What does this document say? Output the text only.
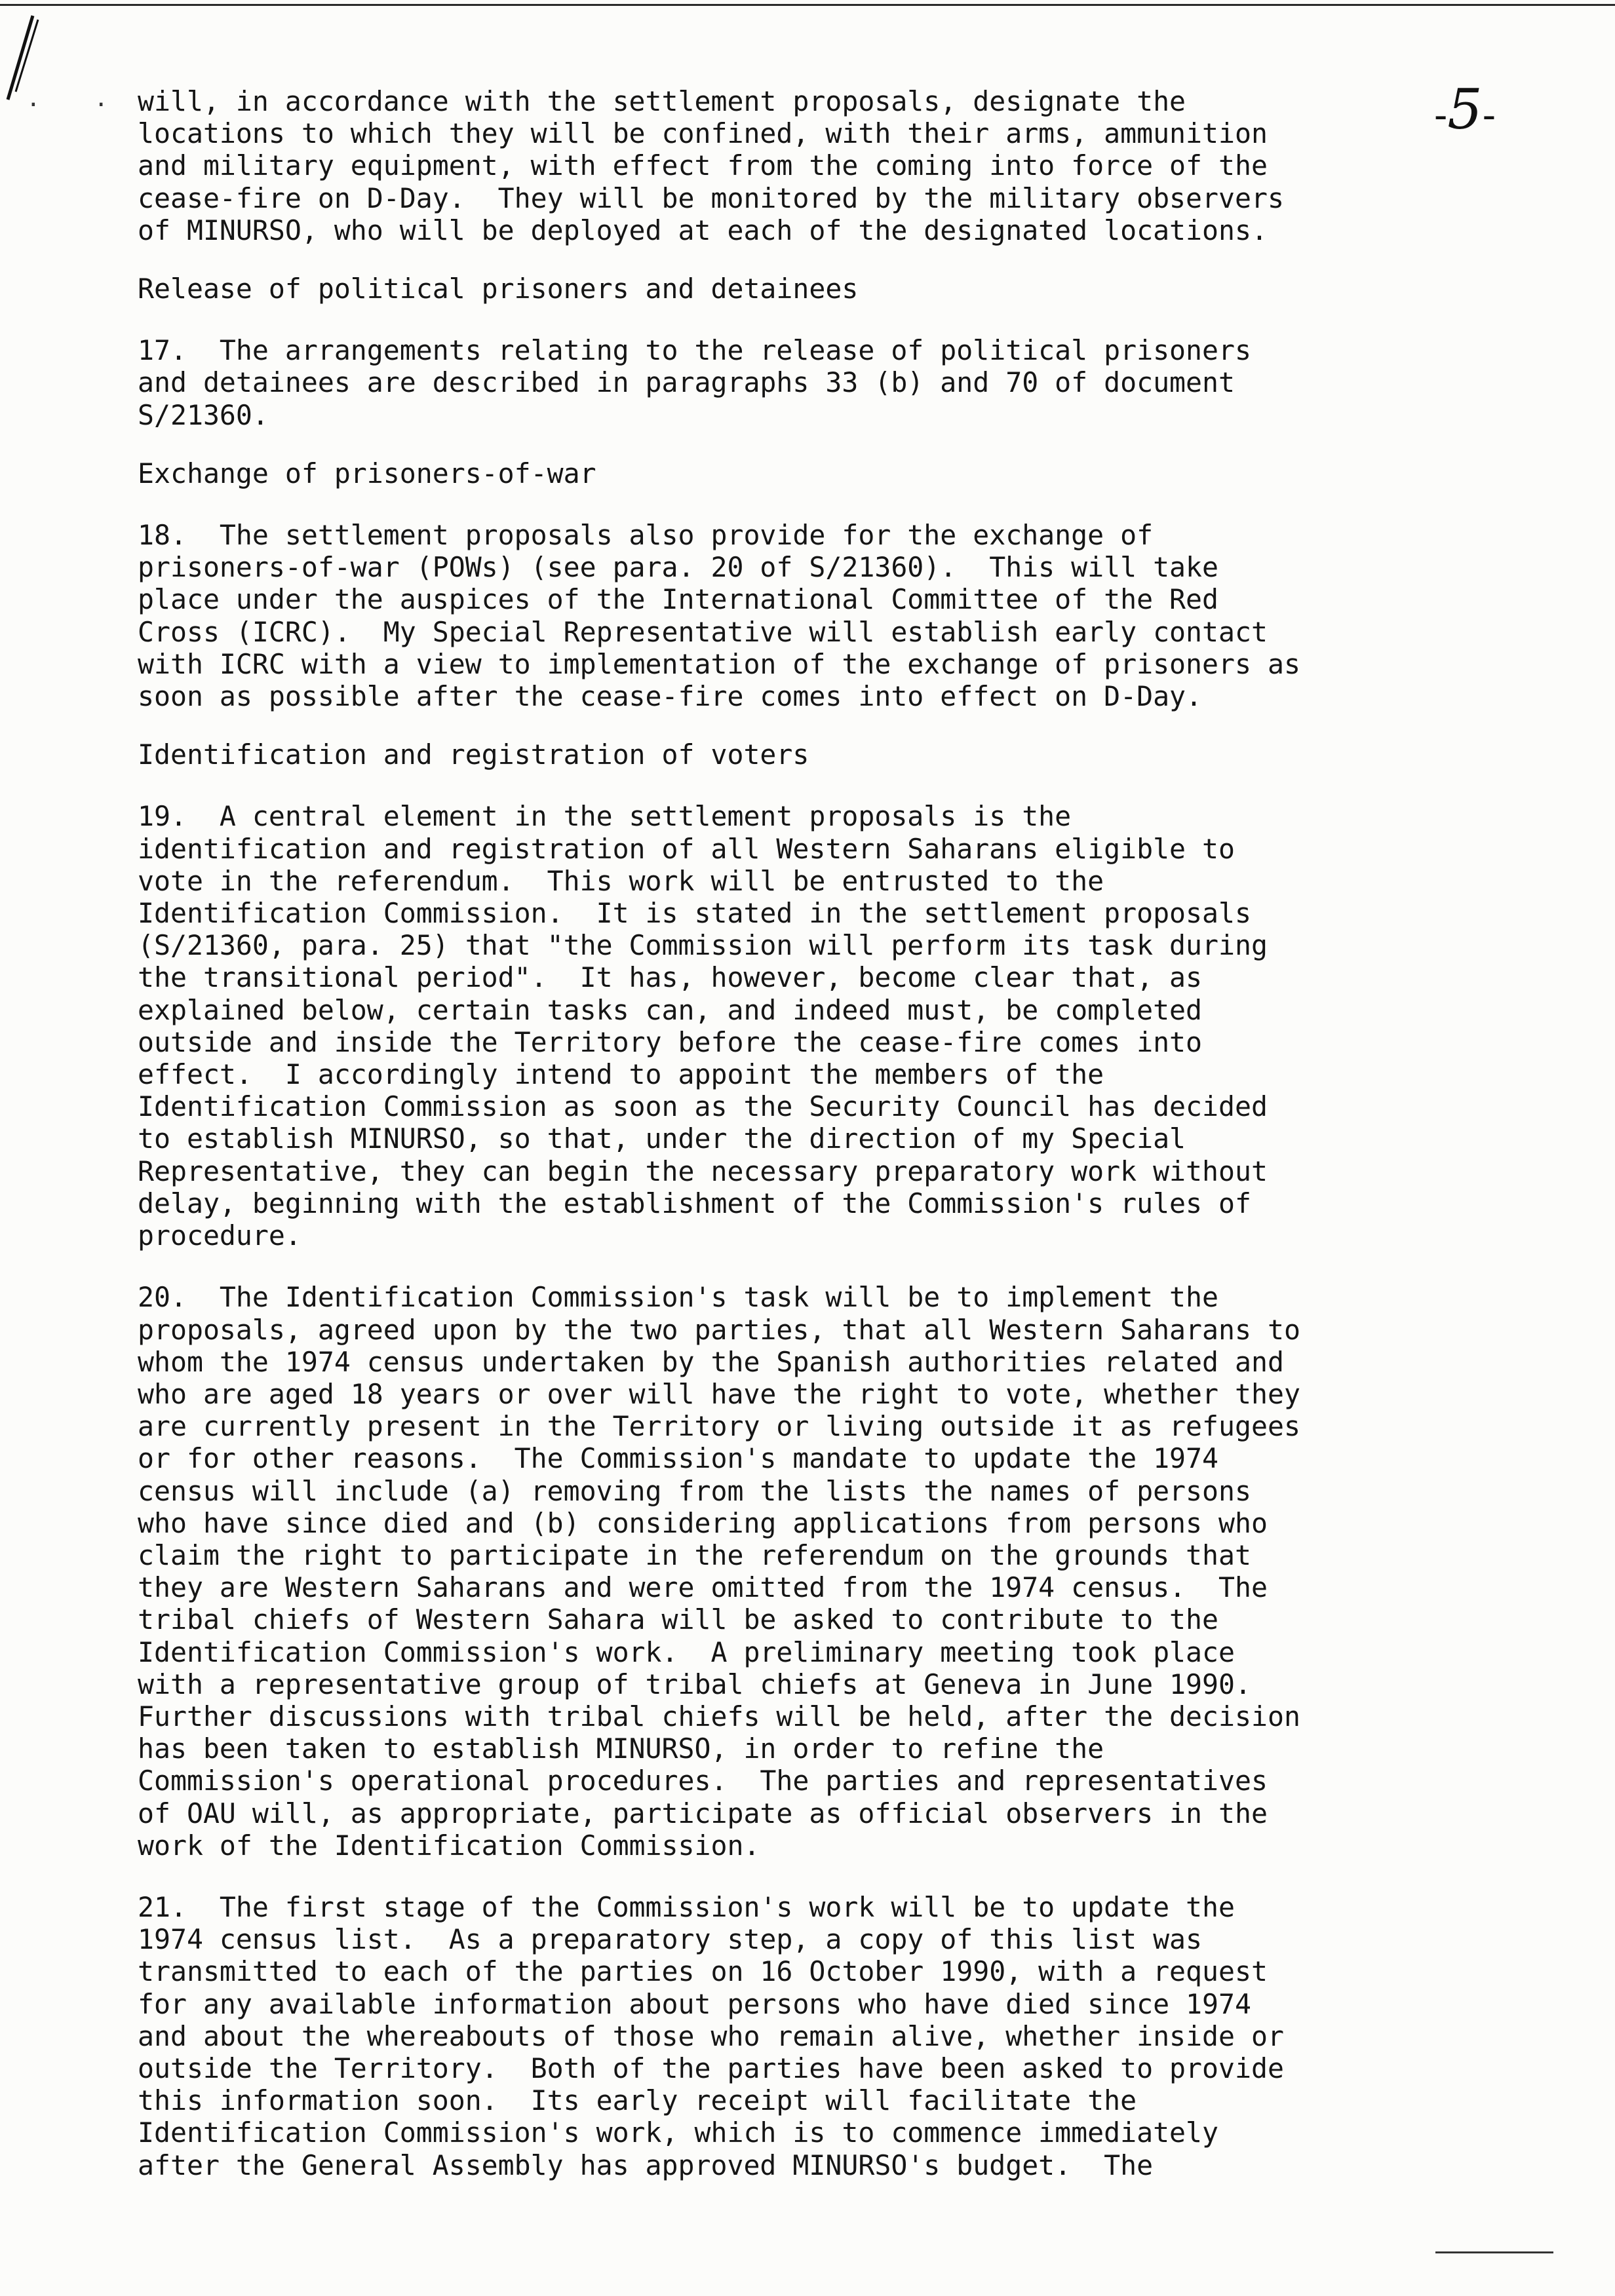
· ·	-5-

will, in accordance with the settlement proposals, designate the
locations to which they will be confined, with their arms, ammunition
and military equipment, with effect from the coming into force of the
cease-fire on D-Day.  They will be monitored by the military observers
of MINURSO, who will be deployed at each of the designated locations.

Release of political prisoners and detainees

17.  The arrangements relating to the release of political prisoners
and detainees are described in paragraphs 33 (b) and 70 of document
S/21360.

Exchange of prisoners-of-war

18.  The settlement proposals also provide for the exchange of
prisoners-of-war (POWs) (see para. 20 of S/21360).  This will take
place under the auspices of the International Committee of the Red
Cross (ICRC).  My Special Representative will establish early contact
with ICRC with a view to implementation of the exchange of prisoners as
soon as possible after the cease-fire comes into effect on D-Day.

Identification and registration of voters

19.  A central element in the settlement proposals is the
identification and registration of all Western Saharans eligible to
vote in the referendum.  This work will be entrusted to the
Identification Commission.  It is stated in the settlement proposals
(S/21360, para. 25) that "the Commission will perform its task during
the transitional period".  It has, however, become clear that, as
explained below, certain tasks can, and indeed must, be completed
outside and inside the Territory before the cease-fire comes into
effect.  I accordingly intend to appoint the members of the
Identification Commission as soon as the Security Council has decided
to establish MINURSO, so that, under the direction of my Special
Representative, they can begin the necessary preparatory work without
delay, beginning with the establishment of the Commission's rules of
procedure.

20.  The Identification Commission's task will be to implement the
proposals, agreed upon by the two parties, that all Western Saharans to
whom the 1974 census undertaken by the Spanish authorities related and
who are aged 18 years or over will have the right to vote, whether they
are currently present in the Territory or living outside it as refugees
or for other reasons.  The Commission's mandate to update the 1974
census will include (a) removing from the lists the names of persons
who have since died and (b) considering applications from persons who
claim the right to participate in the referendum on the grounds that
they are Western Saharans and were omitted from the 1974 census.  The
tribal chiefs of Western Sahara will be asked to contribute to the
Identification Commission's work.  A preliminary meeting took place
with a representative group of tribal chiefs at Geneva in June 1990.
Further discussions with tribal chiefs will be held, after the decision
has been taken to establish MINURSO, in order to refine the
Commission's operational procedures.  The parties and representatives
of OAU will, as appropriate, participate as official observers in the
work of the Identification Commission.

21.  The first stage of the Commission's work will be to update the
1974 census list.  As a preparatory step, a copy of this list was
transmitted to each of the parties on 16 October 1990, with a request
for any available information about persons who have died since 1974
and about the whereabouts of those who remain alive, whether inside or
outside the Territory.  Both of the parties have been asked to provide
this information soon.  Its early receipt will facilitate the
Identification Commission's work, which is to commence immediately
after the General Assembly has approved MINURSO's budget.  The
